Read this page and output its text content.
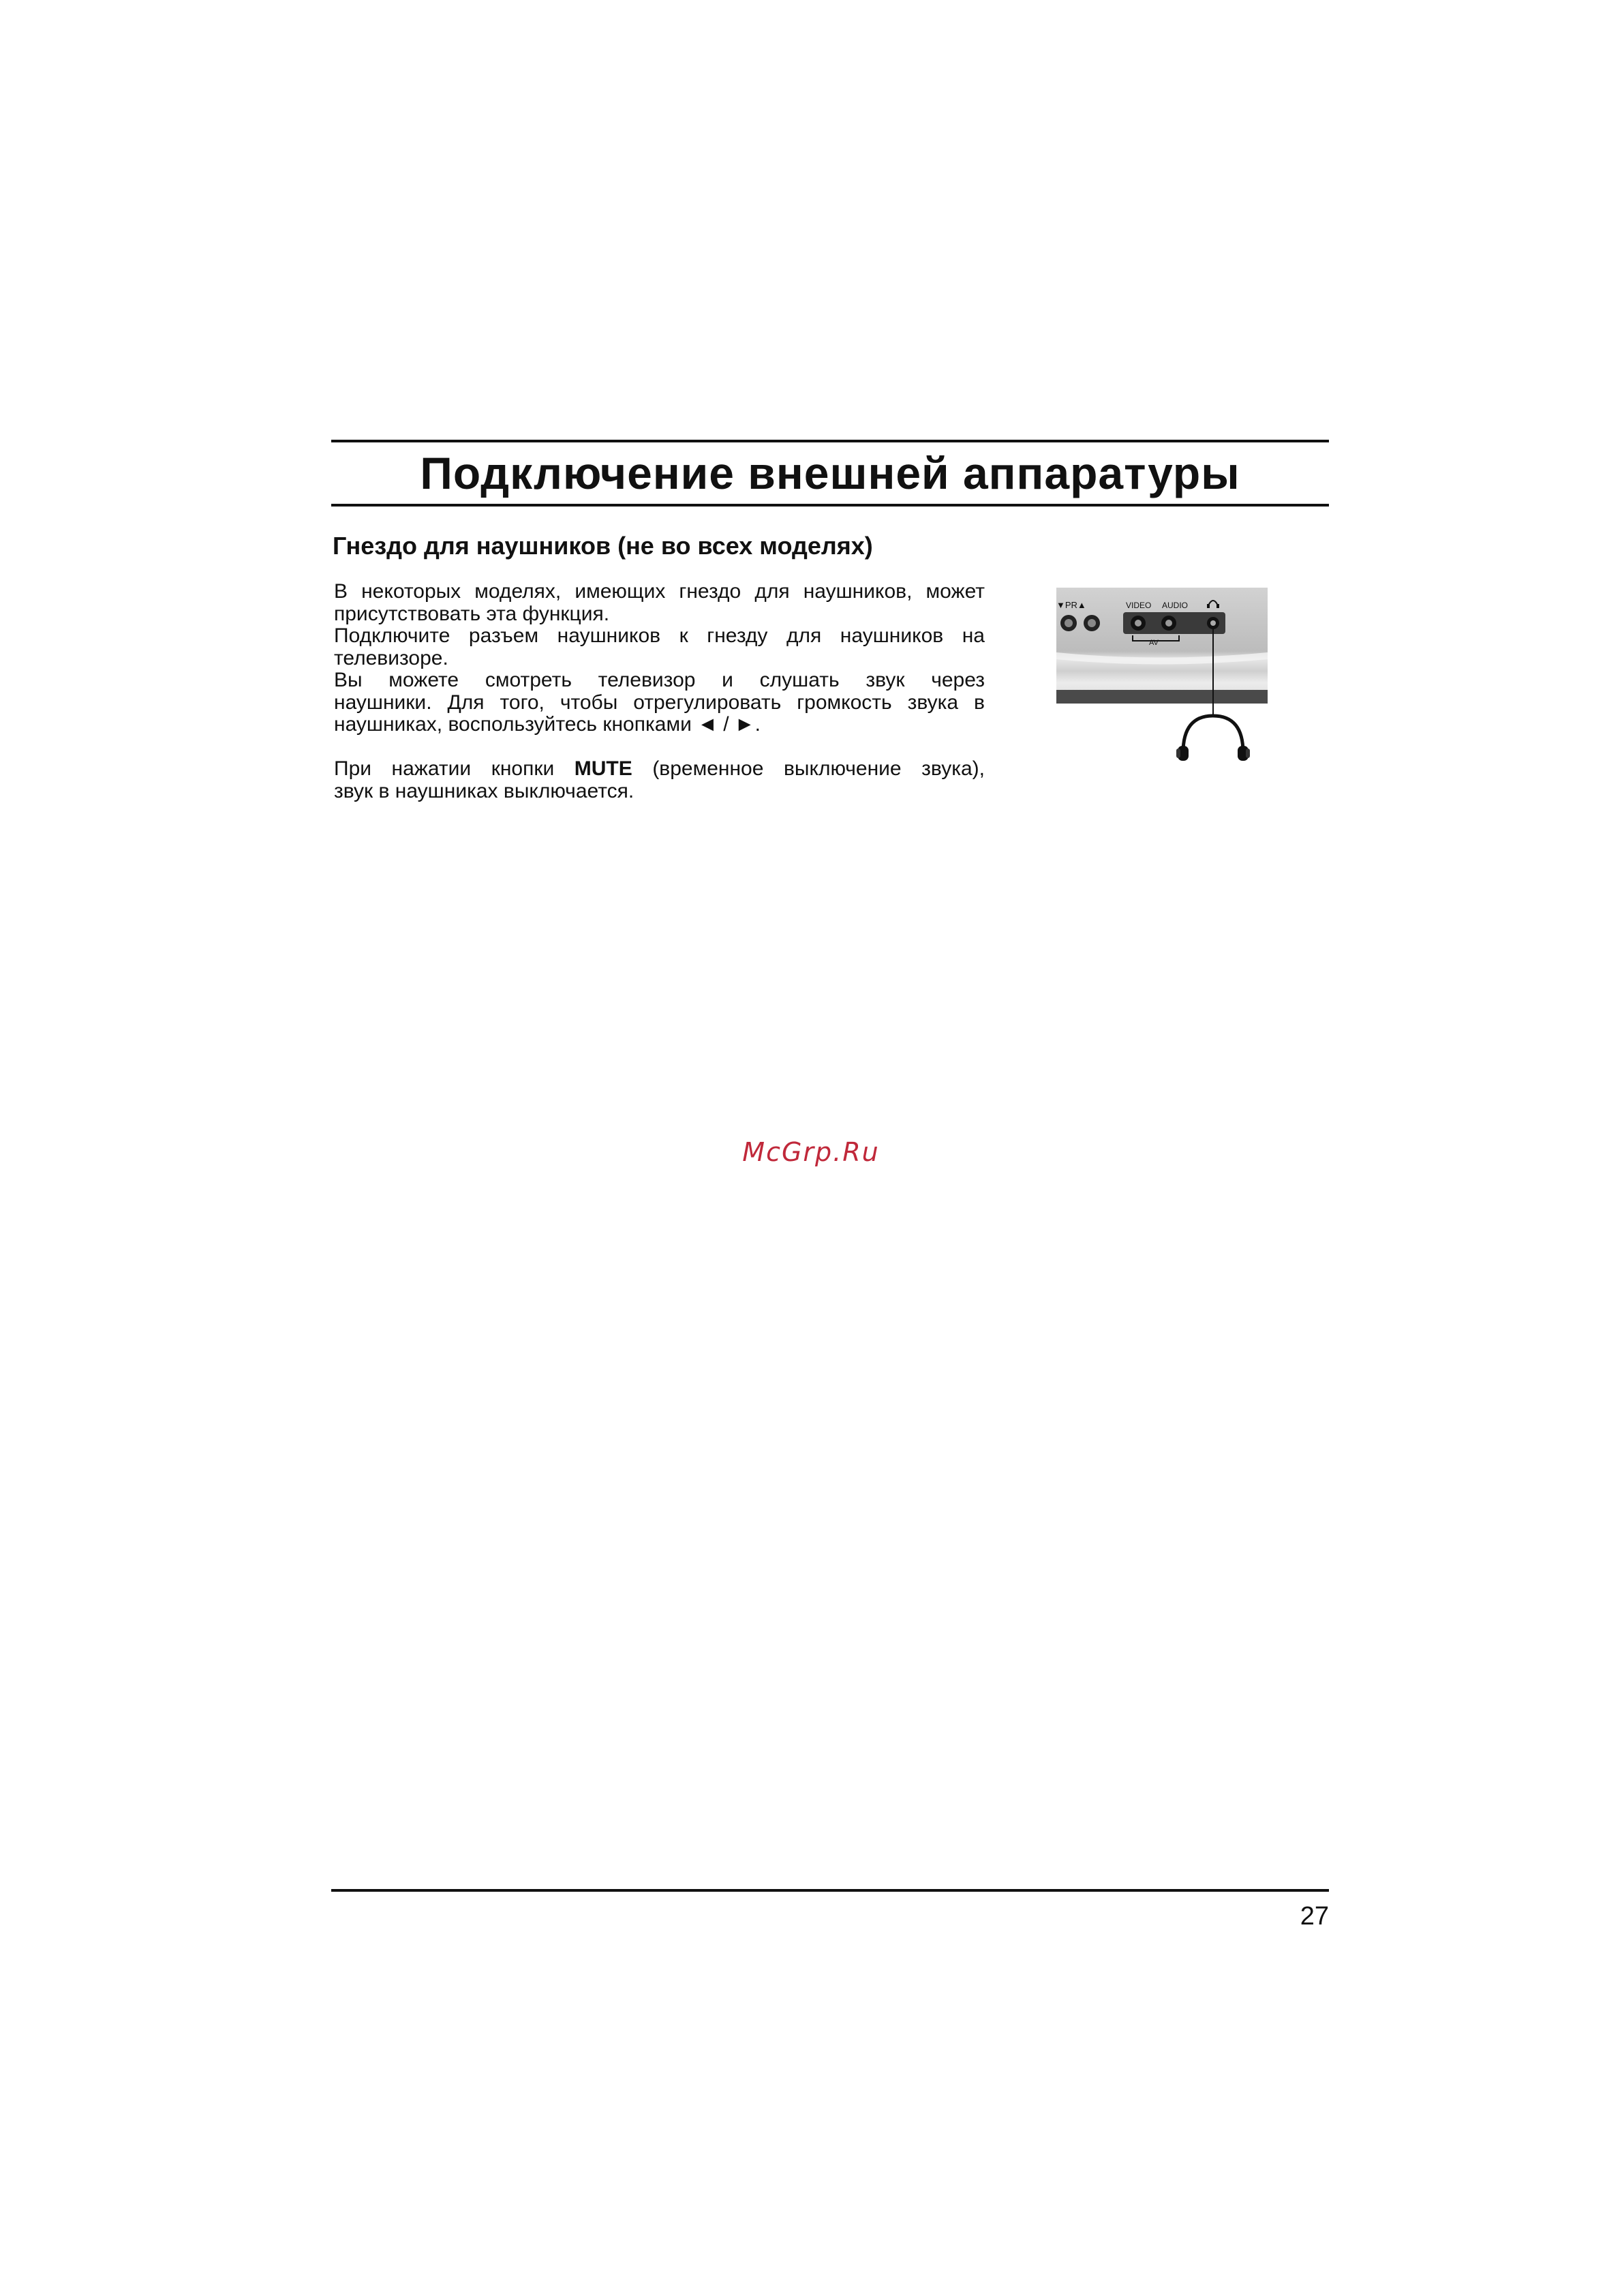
Подключение внешней аппаратуры
Гнездо для наушников (не во всех моделях)

В некоторых моделях, имеющих гнездо для наушников, может
присутствовать эта функция.
Подключите разъем наушников к гнезду для наушников на
телевизоре.
Вы можете смотреть телевизор и слушать звук через
наушники. Для того, чтобы отрегулировать громкость звука в
наушниках, воспользуйтесь кнопками ◄ / ►.

При нажатии кнопки MUTE (временное выключение звука),
звук в наушниках выключается.

▼PR▲	VIDEO AUDIO
AV
McGrp.Ru
27
